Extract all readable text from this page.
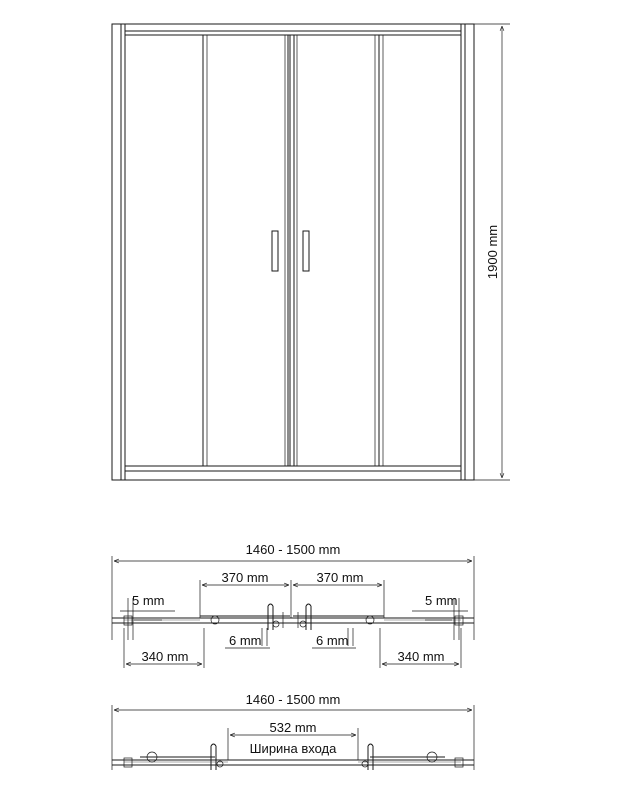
1900 mm
1460 - 1500 mm
370 mm	370 mm
5 mm	5 mm
6 mm	6 mm
340 mm	340 mm
1460 - 1500 mm
532 mm
Ширина входа
